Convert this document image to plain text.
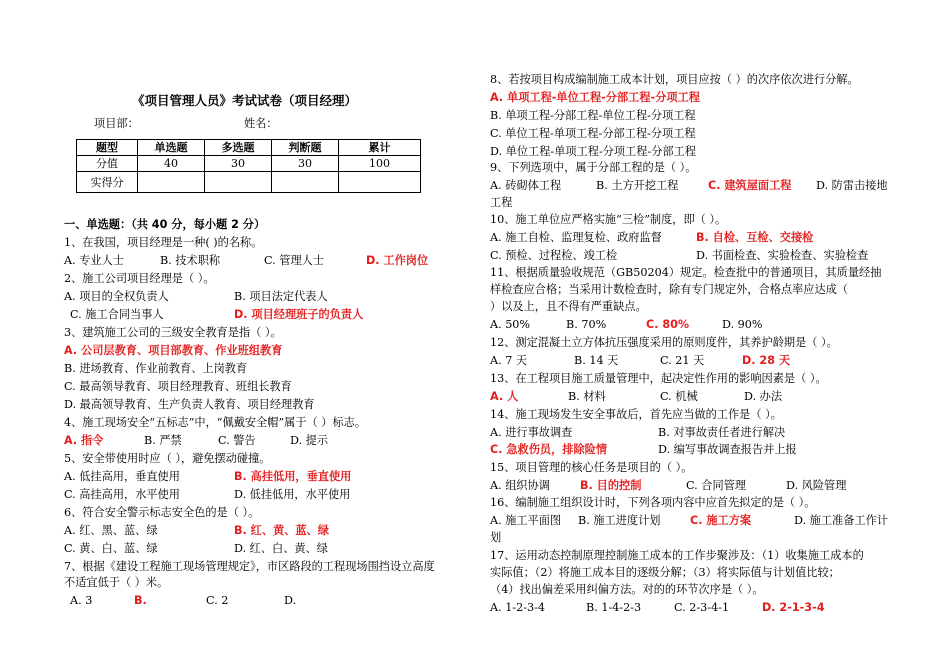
《项目管理人员》考试试卷（项目经理）
项目部：	姓名：
题型	单选题	多选题	判断题	累计
分值	40	30	30	100
实得分				
一、单选题：（共 40 分，每小题 2 分）
1、在我国，项目经理是一种( )的名称。
A. 专业人士	B. 技术职称	C. 管理人士	D. 工作岗位
2、施工公司项目经理是（ ）。
A. 项目的全权负责人	B. 项目法定代表人
C. 施工合同当事人	D. 项目经理班子的负责人
3、建筑施工公司的三级安全教育是指（ ）。
A. 公司层教育、项目部教育、作业班组教育
B. 进场教育、作业前教育、上岗教育
C. 最高领导教育、项目经理教育、班组长教育
D. 最高领导教育、生产负责人教育、项目经理教育
4、施工现场安全“五标志”中，“佩戴安全帽”属于（ ）标志。
A. 指令	B. 严禁	C. 警告	D. 提示
5、安全带使用时应（ ），避免摆动碰撞。
A. 低挂高用，垂直使用	B. 高挂低用，垂直使用
C. 高挂高用，水平使用	D. 低挂低用，水平使用
6、符合安全警示标志安全色的是（ ）。
A. 红、黑、蓝、绿	B. 红、黄、蓝、绿
C. 黄、白、蓝、绿	D. 红、白、黄、绿
7、根据《建设工程施工现场管理规定》，市区路段的工程现场围挡设立高度
不适宜低于（ ）米。
A. 3	B.	C. 2	D.
8、若按项目构成编制施工成本计划，项目应按（ ）的次序依次进行分解。
A. 单项工程-单位工程-分部工程-分项工程
B. 单项工程-分部工程-单位工程-分项工程
C. 单位工程-单项工程-分部工程-分项工程
D. 单位工程-单项工程-分项工程-分部工程
9、下列选项中，属于分部工程的是（ ）。
A. 砖砌体工程	B. 土方开挖工程	C. 建筑屋面工程 D. 防雷击接地
工程
10、施工单位应严格实施“三检”制度，即（ ）。
A. 施工自检、监理复检、政府监督	B. 自检、互检、交接检
C. 预检、过程检、竣工检	D. 书面检查、实验检查、实验检查
11、根据质量验收规范（GB50204）规定。检查批中的普通项目，其质量经抽
样检查应合格；当采用计数检查时，除有专门规定外，合格点率应达成（
）以及上，且不得有严重缺点。
A. 50%	B. 70%	C. 80%	D. 90%
12、测定混凝土立方体抗压强度采用的原则度件，其养护龄期是（ ）。
A. 7 天	B. 14 天	C. 21 天	D. 28 天
13、在工程项目施工质量管理中，起决定性作用的影响因素是（ ）。
A. 人	B. 材料	C. 机械	D. 办法
14、施工现场发生安全事故后，首先应当做的工作是（ ）。
A. 进行事故调查	B. 对事故责任者进行解决
C. 急救伤员，排除险情	D. 编写事故调查报告并上报
15、项目管理的核心任务是项目的（ ）。
A. 组织协调	B. 目的控制	C. 合同管理	D. 风险管理
16、编制施工组织设计时，下列各项内容中应首先拟定的是（ ）。
A. 施工平面图 B. 施工进度计划	C. 施工方案	D. 施工准备工作计
划
17、运用动态控制原理控制施工成本的工作步聚涉及：（1）收集施工成本的
实际值；（2）将施工成本目的逐级分解；（3）将实际值与计划值比较；
（4）找出偏差采用纠偏方法。对的的环节次序是（ ）。
A. 1-2-3-4	B. 1-4-2-3	C. 2-3-4-1	D. 2-1-3-4
